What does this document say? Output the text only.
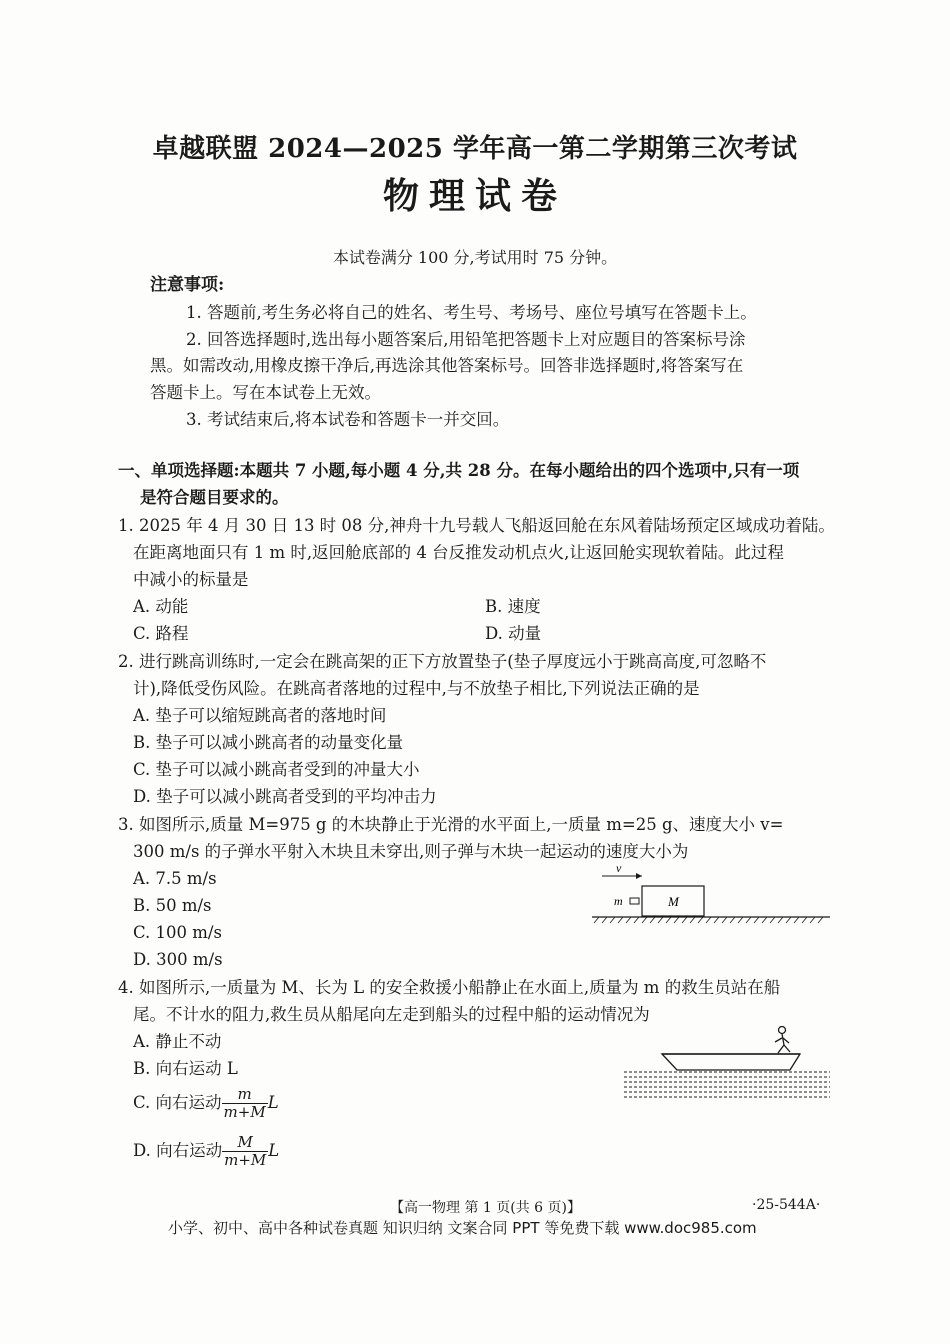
卓越联盟 2024—2025 学年高一第二学期第三次考试
物理试卷
本试卷满分 100 分,考试用时 75 分钟。
注意事项:
1. 答题前,考生务必将自己的姓名、考生号、考场号、座位号填写在答题卡上。
2. 回答选择题时,选出每小题答案后,用铅笔把答题卡上对应题目的答案标号涂
黑。如需改动,用橡皮擦干净后,再选涂其他答案标号。回答非选择题时,将答案写在
答题卡上。写在本试卷上无效。
3. 考试结束后,将本试卷和答题卡一并交回。
一、单项选择题:本题共 7 小题,每小题 4 分,共 28 分。在每小题给出的四个选项中,只有一项
是符合题目要求的。
1. 2025 年 4 月 30 日 13 时 08 分,神舟十九号载人飞船返回舱在东风着陆场预定区域成功着陆。
在距离地面只有 1 m 时,返回舱底部的 4 台反推发动机点火,让返回舱实现软着陆。此过程
中减小的标量是
A. 动能	B. 速度
C. 路程	D. 动量
2. 进行跳高训练时,一定会在跳高架的正下方放置垫子(垫子厚度远小于跳高高度,可忽略不
计),降低受伤风险。在跳高者落地的过程中,与不放垫子相比,下列说法正确的是
A. 垫子可以缩短跳高者的落地时间
B. 垫子可以减小跳高者的动量变化量
C. 垫子可以减小跳高者受到的冲量大小
D. 垫子可以减小跳高者受到的平均冲击力
3. 如图所示,质量 M=975 g 的木块静止于光滑的水平面上,一质量 m=25 g、速度大小 v=
300 m/s 的子弹水平射入木块且未穿出,则子弹与木块一起运动的速度大小为
A. 7.5 m/s
B. 50 m/s
C. 100 m/s
D. 300 m/s
v
m	M
4. 如图所示,一质量为 M、长为 L 的安全救援小船静止在水面上,质量为 m 的救生员站在船
尾。不计水的阻力,救生员从船尾向左走到船头的过程中船的运动情况为
A. 静止不动
B. 向右运动 L
C. 向右运动 $\frac{m}{m+M}$ L
D. 向右运动 $\frac{M}{m+M}$ L
【高一物理 第 1 页(共 6 页)】	·25-544A·
小学、初中、高中各种试卷真题 知识归纳 文案合同 PPT 等免费下载 www.doc985.com
